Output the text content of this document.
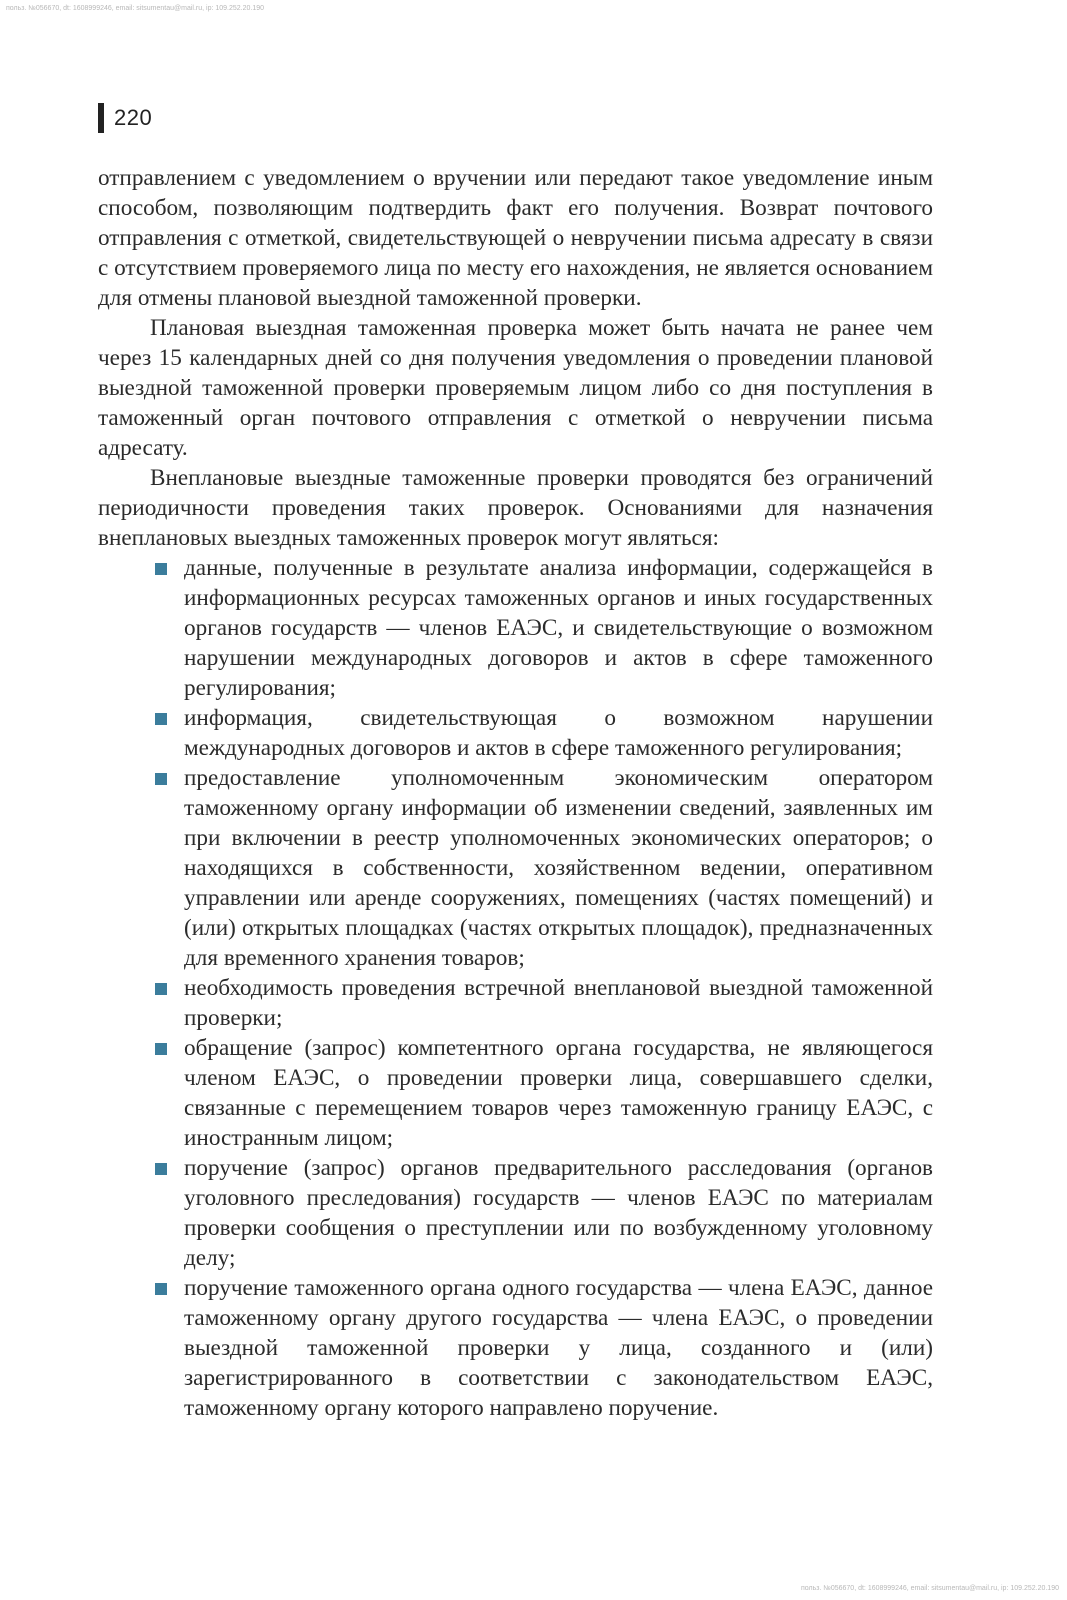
польз. №056670, dt: 1608999246, email: sitsumentau@mail.ru, ip: 109.252.20.190
220

отправлением с уведомлением о вручении или передают такое уведомление иным способом, позволяющим подтвердить факт его получения. Возврат почтового отправления с отметкой, свидетельствующей о невручении письма адресату в связи с отсутствием проверяемого лица по месту его нахождения, не является основанием для отмены плановой выездной таможенной проверки.

Плановая выездная таможенная проверка может быть начата не ранее чем через 15 календарных дней со дня получения уведомления о проведении плановой выездной таможенной проверки проверяемым лицом либо со дня поступления в таможенный орган почтового отправления с отметкой о невручении письма адресату.

Внеплановые выездные таможенные проверки проводятся без ограничений периодичности проведения таких проверок. Основаниями для назначения внеплановых выездных таможенных проверок могут являться:

данные, полученные в результате анализа информации, содержащейся в информационных ресурсах таможенных органов и иных государственных органов государств — членов ЕАЭС, и свидетельствующие о возможном нарушении международных договоров и актов в сфере таможенного регулирования;
информация, свидетельствующая о возможном нарушении международных договоров и актов в сфере таможенного регулирования;
предоставление уполномоченным экономическим оператором таможенному органу информации об изменении сведений, заявленных им при включении в реестр уполномоченных экономических операторов; о находящихся в собственности, хозяйственном ведении, оперативном управлении или аренде сооружениях, помещениях (частях помещений) и (или) открытых площадках (частях открытых площадок), предназначенных для временного хранения товаров;
необходимость проведения встречной внеплановой выездной таможенной проверки;
обращение (запрос) компетентного органа государства, не являющегося членом ЕАЭС, о проведении проверки лица, совершавшего сделки, связанные с перемещением товаров через таможенную границу ЕАЭС, с иностранным лицом;
поручение (запрос) органов предварительного расследования (органов уголовного преследования) государств — членов ЕАЭС по материалам проверки сообщения о преступлении или по возбужденному уголовному делу;
поручение таможенного органа одного государства — члена ЕАЭС, данное таможенному органу другого государства — члена ЕАЭС, о проведении выездной таможенной проверки у лица, созданного и (или) зарегистрированного в соответствии с законодательством ЕАЭС, таможенному органу которого направлено поручение.
польз. №056670, dt: 1608999246, email: sitsumentau@mail.ru, ip: 109.252.20.190
